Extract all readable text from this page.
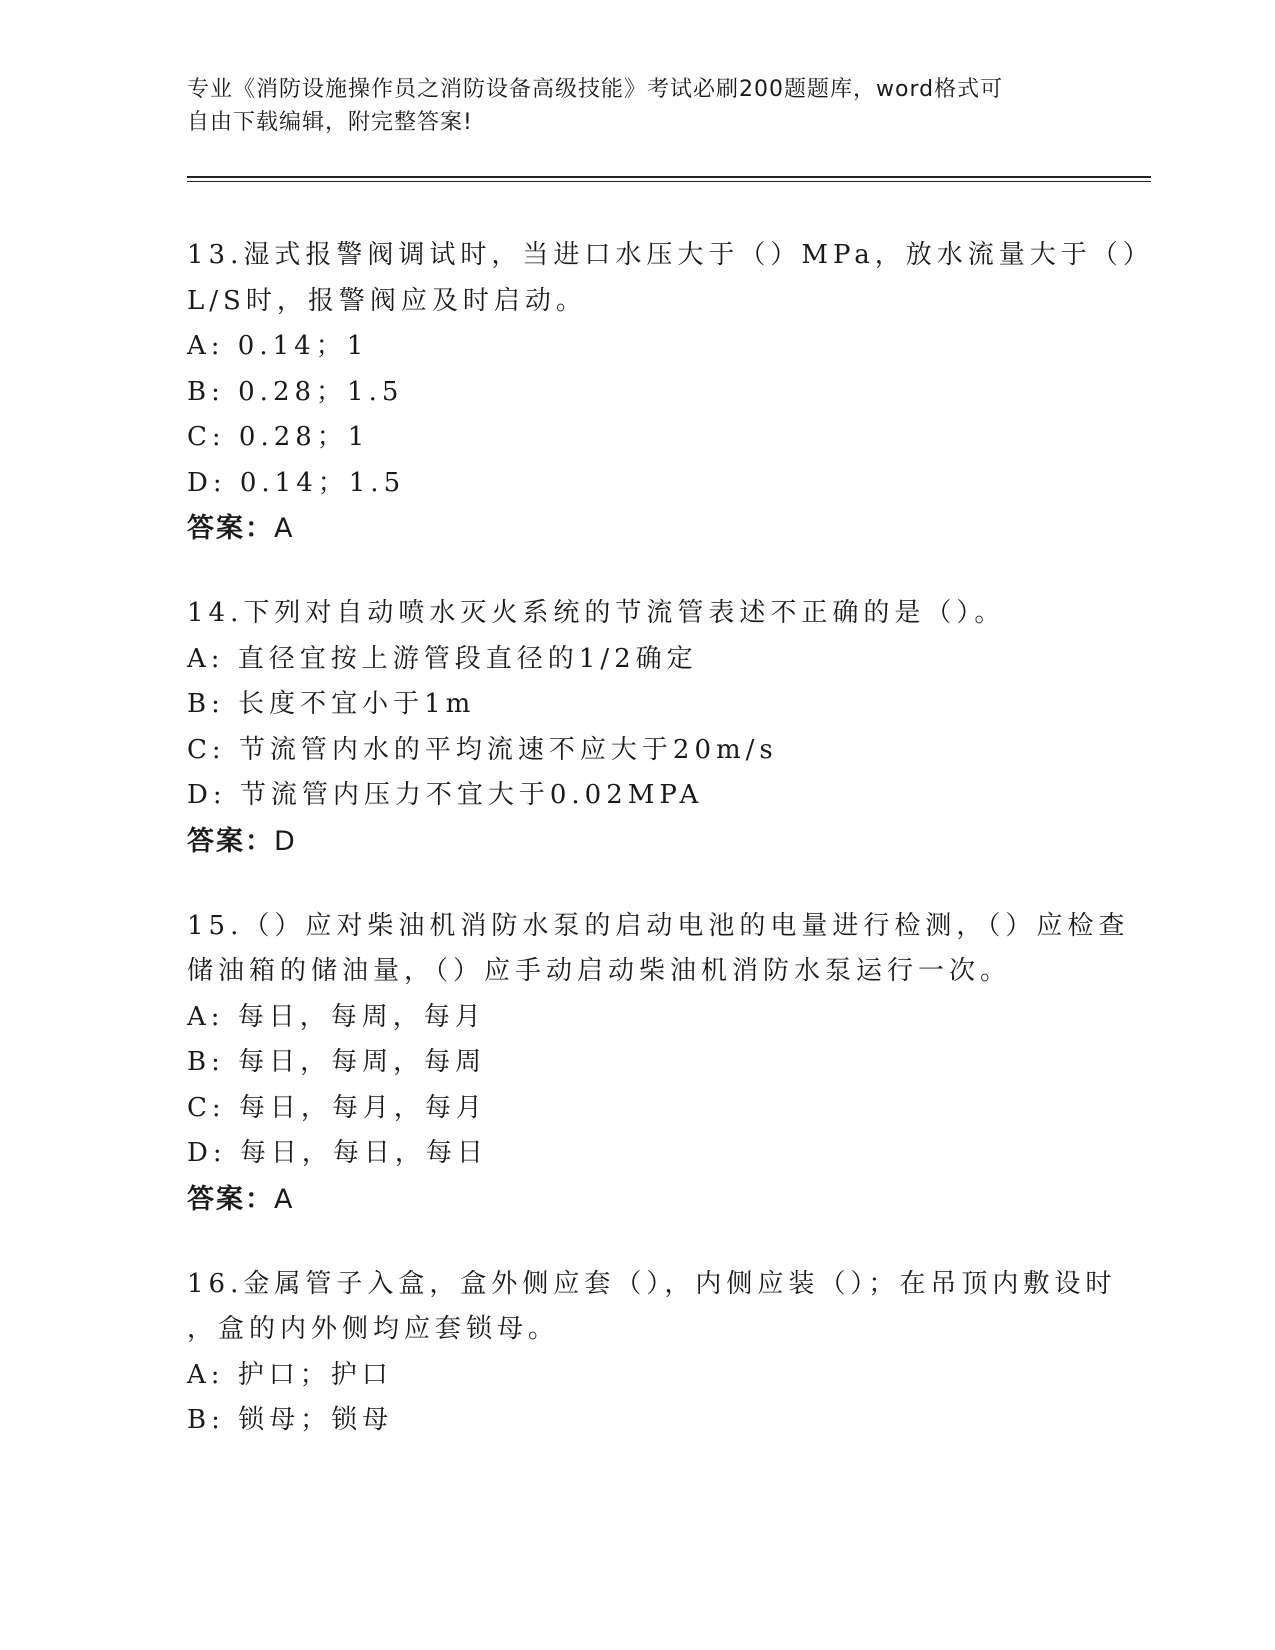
专业《消防设施操作员之消防设备高级技能》考试必刷200题题库，word格式可
自由下载编辑，附完整答案!
13.湿式报警阀调试时，当进口水压大于（）MPa，放水流量大于（）
L/S时，报警阀应及时启动。
A: 0.14；1
B: 0.28；1.5
C: 0.28；1
D: 0.14；1.5
答案：A
14.下列对自动喷水灭火系统的节流管表述不正确的是（）。
A: 直径宜按上游管段直径的1/2确定
B: 长度不宜小于1m
C: 节流管内水的平均流速不应大于20m/s
D: 节流管内压力不宜大于0.02MPA
答案：D
15.（）应对柴油机消防水泵的启动电池的电量进行检测，（）应检查
储油箱的储油量，（）应手动启动柴油机消防水泵运行一次。
A: 每日，每周，每月
B: 每日，每周，每周
C: 每日，每月，每月
D: 每日，每日，每日
答案：A
16.金属管子入盒，盒外侧应套（），内侧应装（）；在吊顶内敷设时
，盒的内外侧均应套锁母。
A: 护口；护口
B: 锁母；锁母
